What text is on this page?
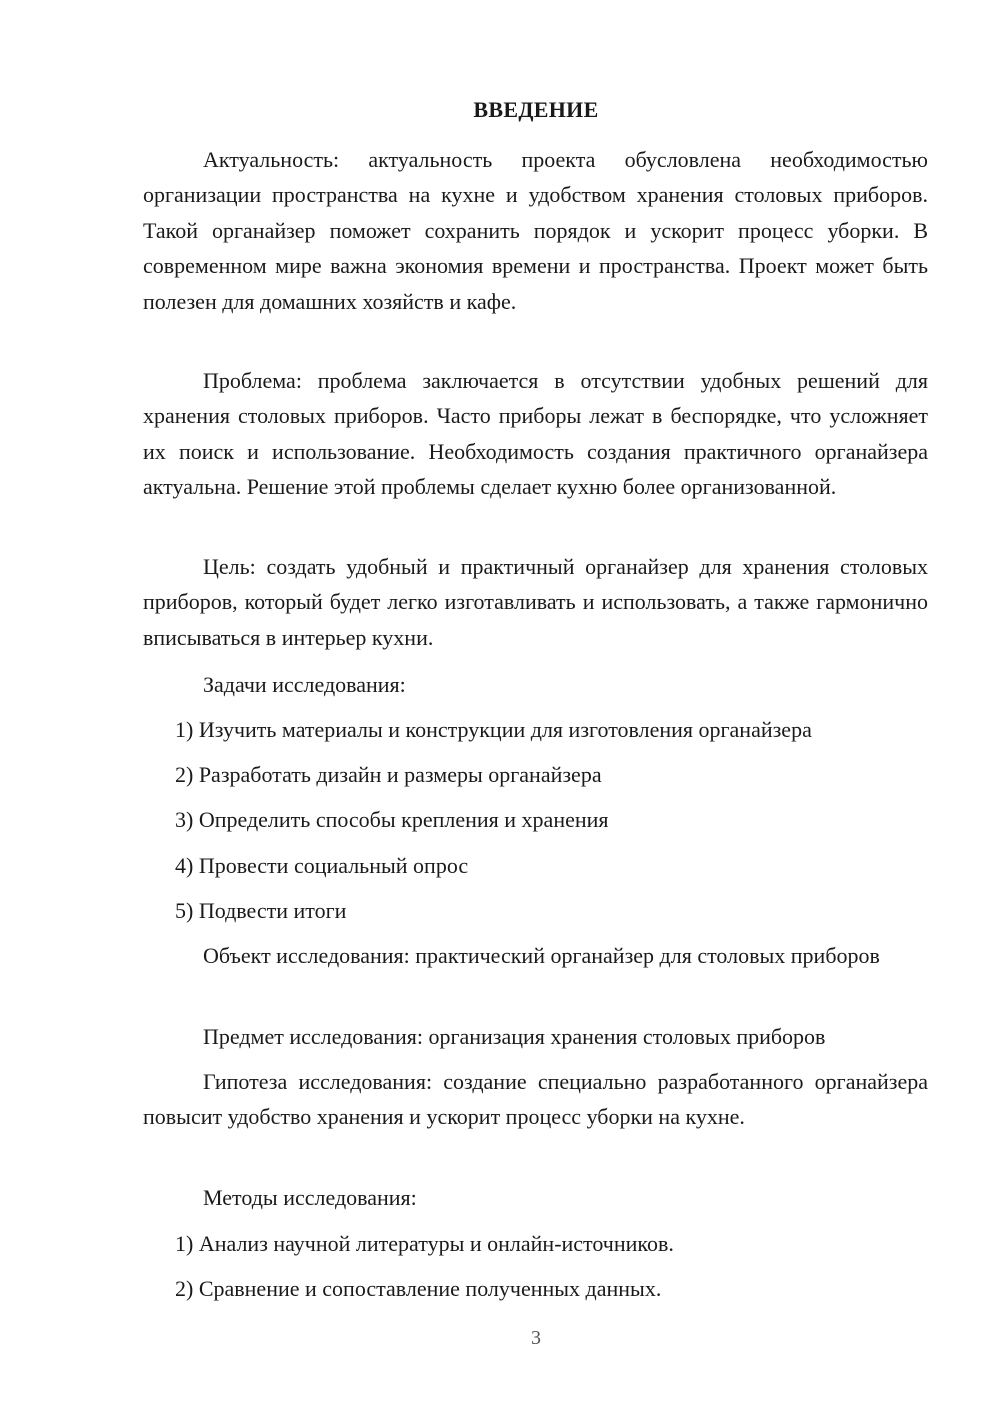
ВВЕДЕНИЕ

Актуальность: актуальность проекта обусловлена необходимостью организации пространства на кухне и удобством хранения столовых приборов. Такой органайзер поможет сохранить порядок и ускорит процесс уборки. В современном мире важна экономия времени и пространства. Проект может быть полезен для домашних хозяйств и кафе.

Проблема: проблема заключается в отсутствии удобных решений для хранения столовых приборов. Часто приборы лежат в беспорядке, что усложняет их поиск и использование. Необходимость создания практичного органайзера актуальна. Решение этой проблемы сделает кухню более организованной.

Цель: создать удобный и практичный органайзер для хранения столовых приборов, который будет легко изготавливать и использовать, а также гармонично вписываться в интерьер кухни.

Задачи исследования:
1) Изучить материалы и конструкции для изготовления органайзера
2) Разработать дизайн и размеры органайзера
3) Определить способы крепления и хранения
4) Провести социальный опрос
5) Подвести итоги

Объект исследования: практический органайзер для столовых приборов

Предмет исследования: организация хранения столовых приборов

Гипотеза исследования: создание специально разработанного органайзера повысит удобство хранения и ускорит процесс уборки на кухне.

Методы исследования:
1) Анализ научной литературы и онлайн-источников.
2) Сравнение и сопоставление полученных данных.
3
